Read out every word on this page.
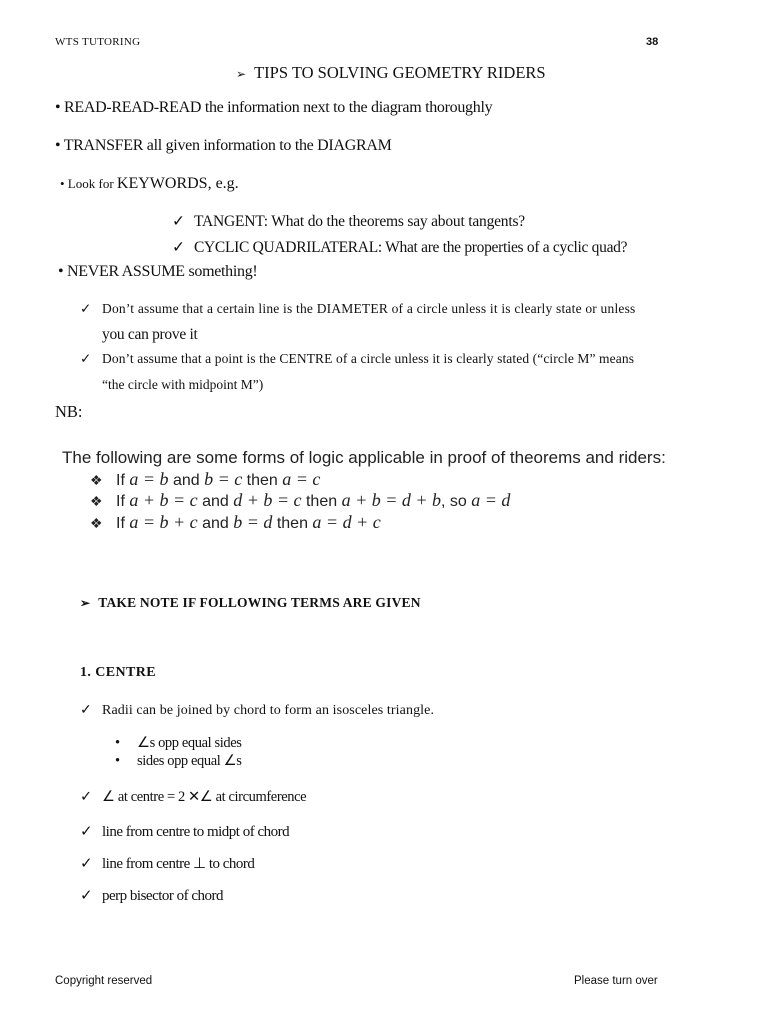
WTS TUTORING	38
➢ TIPS TO SOLVING GEOMETRY RIDERS
• READ-READ-READ the information next to the diagram thoroughly
• TRANSFER all given information to the DIAGRAM
• Look for KEYWORDS, e.g.
✓ TANGENT: What do the theorems say about tangents?
✓ CYCLIC QUADRILATERAL: What are the properties of a cyclic quad?
• NEVER ASSUME something!
✓ Don’t assume that a certain line is the DIAMETER of a circle unless it is clearly state or unless
you can prove it
✓ Don’t assume that a point is the CENTRE of a circle unless it is clearly stated (“circle M” means
“the circle with midpoint M”)
NB:
The following are some forms of logic applicable in proof of theorems and riders:
❖ If a = b and b = c then a = c
❖ If a + b = c and d + b = c then a + b = d + b, so a = d
❖ If a = b + c and b = d then a = d + c
➢ TAKE NOTE IF FOLLOWING TERMS ARE GIVEN
1. CENTRE
✓ Radii can be joined by chord to form an isosceles triangle.
• ∠s opp equal sides
• sides opp equal ∠s
✓ ∠ at centre = 2 ✕∠ at circumference
✓ line from centre to midpt of chord
✓ line from centre ⊥ to chord
✓ perp bisector of chord
Copyright reserved	Please turn over
